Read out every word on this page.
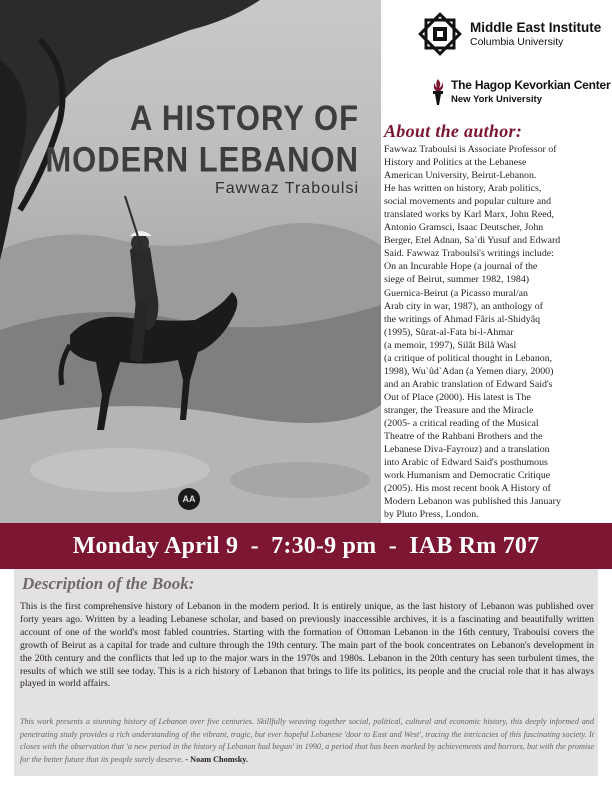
A HISTORY OF
MODERN LEBANON
Fawwaz Traboulsi
AA
Middle East Institute
Columbia University
The Hagop Kevorkian Center
New York University
About the author:

Fawwaz Traboulsi is Associate Professor of
History and Politics at the Lebanese
American University, Beirut-Lebanon.
He has written on history, Arab politics,
social movements and popular culture and
translated works by Karl Marx, John Reed,
Antonio Gramsci, Isaac Deutscher, John
Berger, Etel Adnan, Sa`di Yusuf and Edward
Said. Fawwaz Traboulsi's writings include:
On an Incurable Hope (a journal of the
siege of Beirut, summer 1982, 1984)
Guernica-Beirut (a Picasso mural/an
Arab city in war, 1987), an anthology of
the writings of Ahmad Fâris al-Shidyâq
(1995), Sûrat-al-Fata bi-l-Ahmar
(a memoir, 1997), Silât Bilâ Wasl
(a critique of political thought in Lebanon,
1998), Wu`ûd`Adan (a Yemen diary, 2000)
and an Arabic translation of Edward Said's
Out of Place (2000). His latest is The
stranger, the Treasure and the Miracle
(2005- a critical reading of the Musical
Theatre of the Rahbani Brothers and the
Lebanese Diva-Fayrouz) and a translation
into Arabic of Edward Said's posthumous
work Humanism and Democratic Critique
(2005). His most recent book A History of
Modern Lebanon was published this January
by Pluto Press, London.

Monday April 9  -  7:30-9 pm  -  IAB Rm 707
Description of the Book:

This is the first comprehensive history of Lebanon in the modern period. It is entirely unique, as the last history of Lebanon was published over forty years ago. Written by a leading Lebanese scholar, and based on previously inaccessible archives, it is a fascinating and beautifully written account of one of the world's most fabled countries. Starting with the formation of Ottoman Lebanon in the 16th century, Traboulsi covers the growth of Beirut as a capital for trade and culture through the 19th century. The main part of the book concentrates on Lebanon's development in the 20th century and the conflicts that led up to the major wars in the 1970s and 1980s. Lebanon in the 20th century has seen turbulent times, the results of which we still see today. This is a rich history of Lebanon that brings to life its politics, its people and the crucial role that it has always played in world affairs.

This work presents a stunning history of Lebanon over five centuries. Skillfully weaving together social, political, cultural and economic history, this deeply informed and penetrating study provides a rich understanding of the vibrant, tragic, but ever hopeful Lebanese 'door to East and West', tracing the intricacies of this fascinating society. It closes with the observation that 'a new period in the history of Lebanon had begun' in 1990, a period that has been marked by achievements and horrors, but with the promise for the better future that its people surely deserve. - Noam Chomsky.
